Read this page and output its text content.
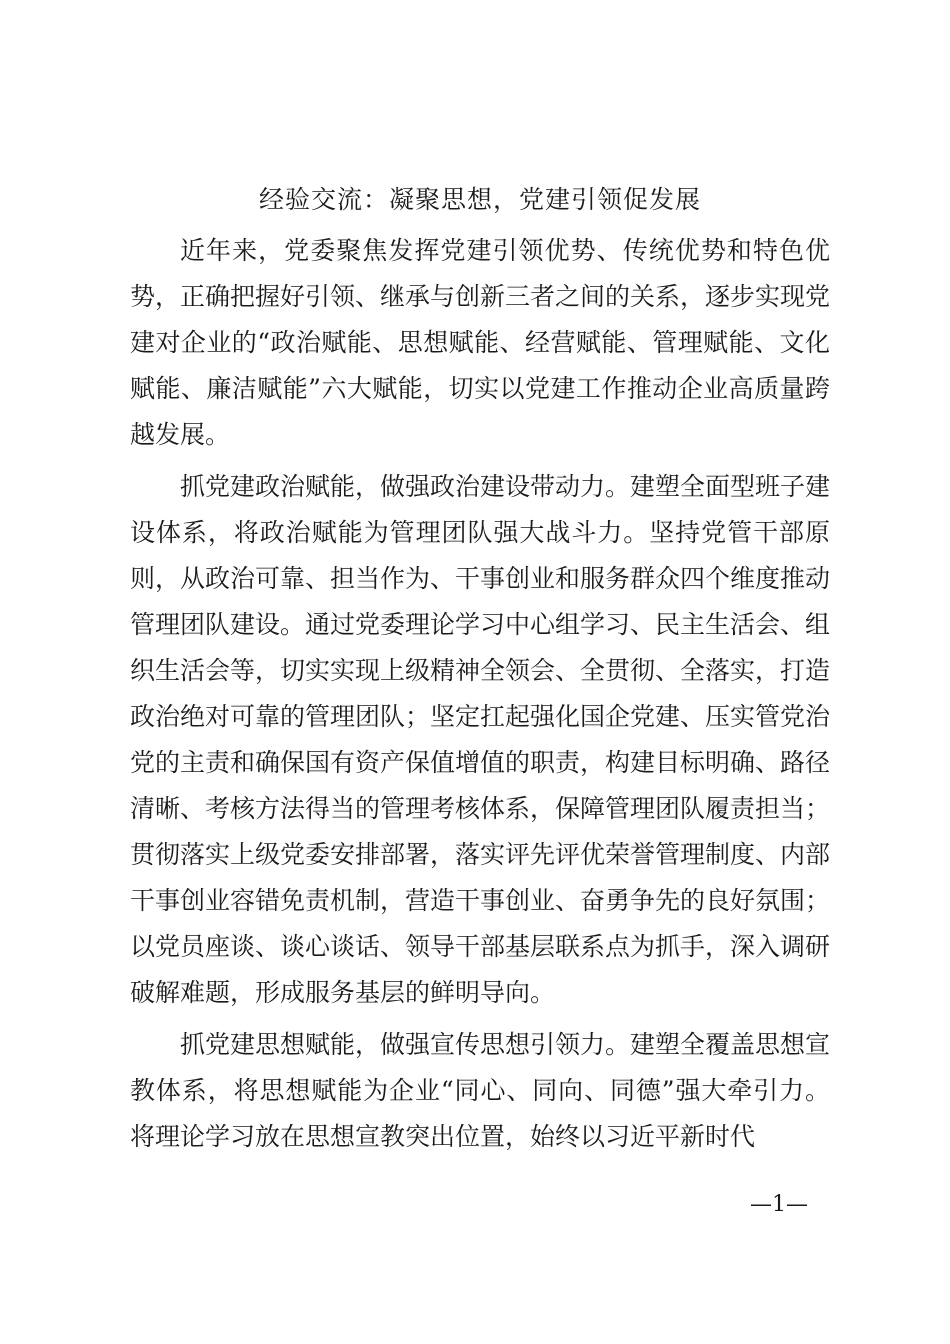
经验交流：凝聚思想，党建引领促发展

近年来，党委聚焦发挥党建引领优势、传统优势和特色优势，正确把握好引领、继承与创新三者之间的关系，逐步实现党建对企业的“政治赋能、思想赋能、经营赋能、管理赋能、文化赋能、廉洁赋能”六大赋能，切实以党建工作推动企业高质量跨越发展。

抓党建政治赋能，做强政治建设带动力。建塑全面型班子建设体系，将政治赋能为管理团队强大战斗力。坚持党管干部原则，从政治可靠、担当作为、干事创业和服务群众四个维度推动管理团队建设。通过党委理论学习中心组学习、民主生活会、组织生活会等，切实实现上级精神全领会、全贯彻、全落实，打造政治绝对可靠的管理团队；坚定扛起强化国企党建、压实管党治党的主责和确保国有资产保值增值的职责，构建目标明确、路径清晰、考核方法得当的管理考核体系，保障管理团队履责担当；贯彻落实上级党委安排部署，落实评先评优荣誉管理制度、内部干事创业容错免责机制，营造干事创业、奋勇争先的良好氛围；以党员座谈、谈心谈话、领导干部基层联系点为抓手，深入调研破解难题，形成服务基层的鲜明导向。

抓党建思想赋能，做强宣传思想引领力。建塑全覆盖思想宣教体系，将思想赋能为企业“同心、同向、同德”强大牵引力。将理论学习放在思想宣教突出位置，始终以习近平新时代

—1—
